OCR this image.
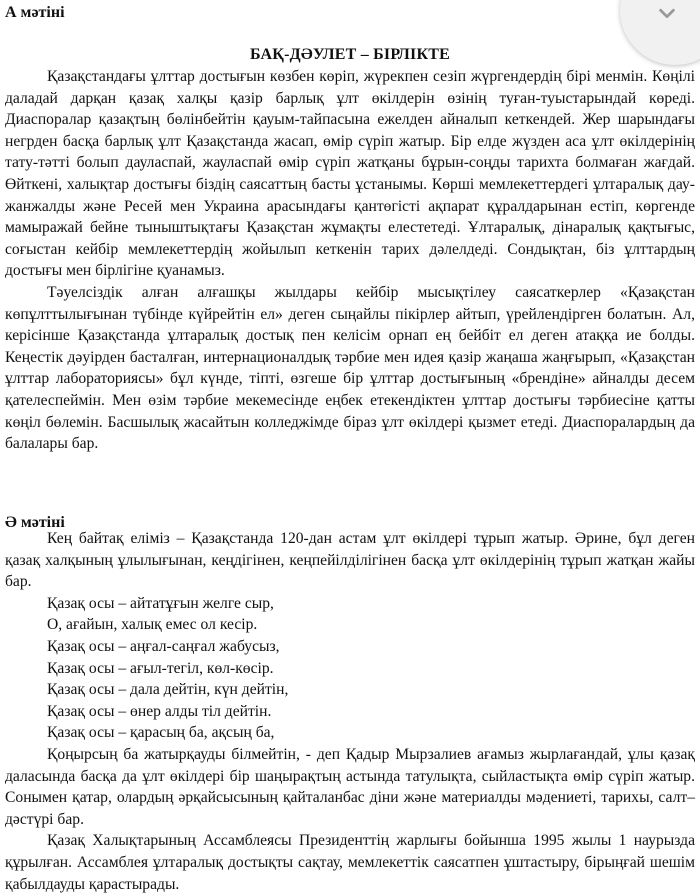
А мәтіні
БАҚ-ДӘУЛЕТ – БІРЛІКТЕ

Қазақстандағы ұлттар достығын көзбен көріп, жүрекпен сезіп жүргендердің бірі менмін. Көңілі даладай дарқан қазақ халқы қазір барлық ұлт өкілдерін өзінің туған-туыстарындай көреді. Диаспоралар қазақтың бөлінбейтін қауым-тайпасына ежелден айналып кеткендей. Жер шарындағы негрден басқа барлық ұлт Қазақстанда жасап, өмір сүріп жатыр. Бір елде жүзден аса ұлт өкілдерінің тату-тәтті болып дауласпай, жауласпай өмір сүріп жатқаны бұрын-соңды тарихта болмаған жағдай. Өйткені, халықтар достығы біздің саясаттың басты ұстанымы. Көрші мемлекеттердегі ұлтаралық дау-жанжалды және Ресей мен Украина арасындағы қантөгісті ақпарат құралдарынан естіп, көргенде мамыражай бейне тыныштықтағы Қазақстан жұмақты елестетеді. Ұлтаралық, дінаралық қақтығыс, соғыстан кейбір мемлекеттердің жойылып кеткенін тарих дәлелдеді. Сондықтан, біз ұлттардың достығы мен бірлігіне қуанамыз.

Тәуелсіздік алған алғашқы жылдары кейбір мысықтілеу саясаткерлер «Қазақстан көпұлттылығынан түбінде күйрейтін ел» деген сыңайлы пікірлер айтып, үрейлендірген болатын. Ал, керісінше Қазақстанда ұлтаралық достық пен келісім орнап ең бейбіт ел деген атаққа ие болды. Кеңестік дәуірден басталған, интернационалдық тәрбие мен идея қазір жаңаша жаңғырып, «Қазақстан ұлттар лабораториясы» бұл күнде, тіпті, өзгеше бір ұлттар достығының «брендіне» айналды десем қателеспеймін. Мен өзім тәрбие мекемесінде еңбек етекендіктен ұлттар достығы тәрбиесіне қатты көңіл бөлемін. Басшылық жасайтын колледжімде біраз ұлт өкілдері қызмет етеді. Диаспоралардың да балалары бар.

Ә мәтіні

Кең байтақ еліміз – Қазақстанда 120-дан астам ұлт өкілдері тұрып жатыр. Әрине, бұл деген қазақ халқының ұлылығынан, кеңдігінен, кеңпейілділігінен басқа ұлт өкілдерінің тұрып жатқан жайы бар.

Қазақ осы – айтатұғын желге сыр,
О, ағайын, халық емес ол кесір.
Қазақ осы – аңғал-саңғал жабусыз,
Қазақ осы – ағыл-тегіл, көл-көсір.
Қазақ осы – дала дейтін, күн дейтін,
Қазақ осы – өнер алды тіл дейтін.
Қазақ осы – қарасың ба, ақсың ба,

Қоңырсың ба жатырқауды білмейтін, - деп Қадыр Мырзалиев ағамыз жырлағандай, ұлы қазақ даласында басқа да ұлт өкілдері бір шаңырақтың астында татулықта, сыйластықта өмір сүріп жатыр. Сонымен қатар, олардың әрқайсысының қайталанбас діни және материалды мәдениеті, тарихы, салт–дәстүрі бар.

Қазақ Халықтарының Ассамблеясы Президенттің жарлығы бойынша 1995 жылы 1 наурызда құрылған. Ассамблея ұлтаралық достықты сақтау, мемлекеттік саясатпен ұштастыру, бірыңғай шешім қабылдауды қарастырады.
